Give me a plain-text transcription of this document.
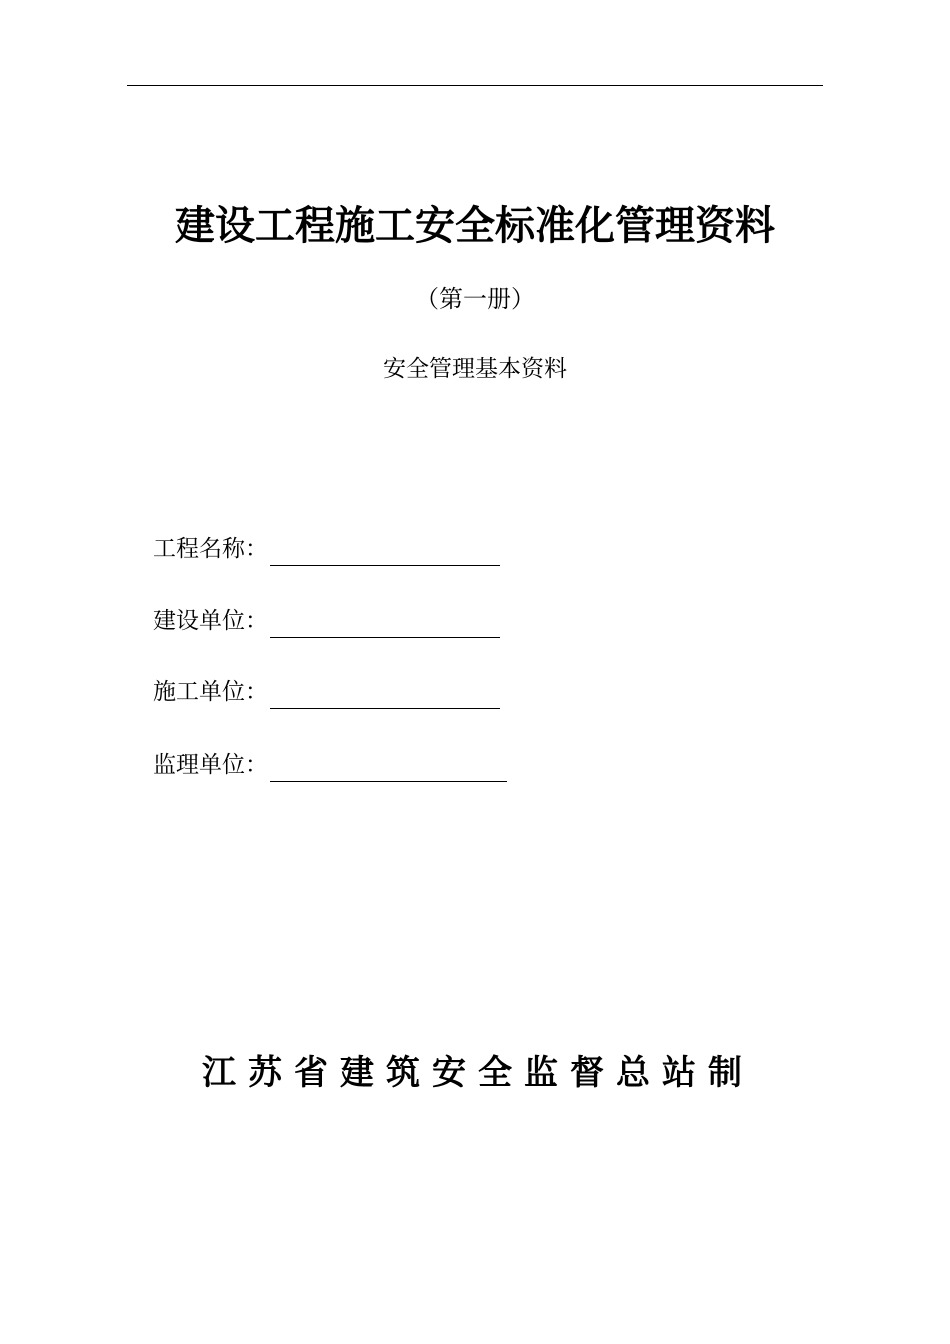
建设工程施工安全标准化管理资料
（第一册）
安全管理基本资料
工程名称：
建设单位：
施工单位：
监理单位：
江苏省建筑安全监督总站制
